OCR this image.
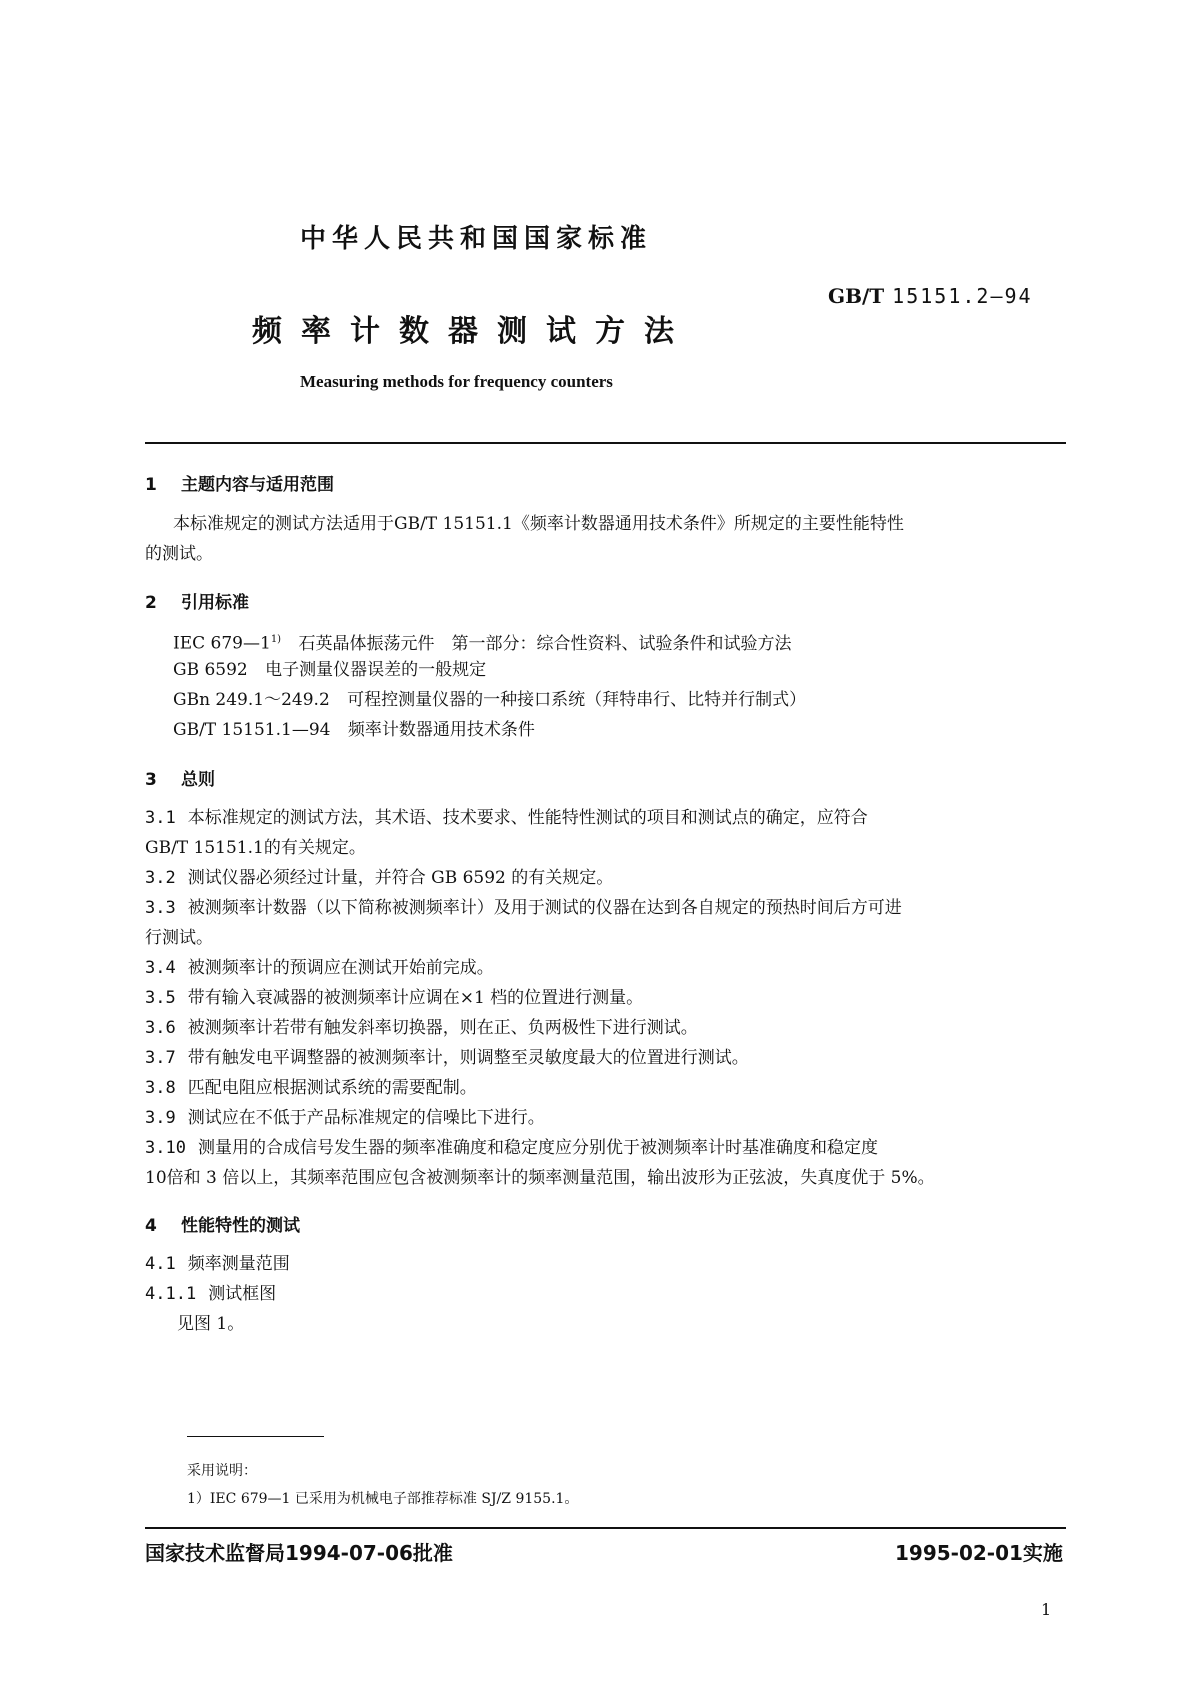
中华人民共和国国家标准
GB/T 15151.2—94
频率计数器测试方法
Measuring methods for frequency counters
1 主题内容与适用范围
本标准规定的测试方法适用于GB/T 15151.1《频率计数器通用技术条件》所规定的主要性能特性
的测试。
2 引用标准
IEC 679—1$^{1)}$ 石英晶体振荡元件　第一部分：综合性资料、试验条件和试验方法
GB 6592 电子测量仪器误差的一般规定
GBn 249.1～249.2 可程控测量仪器的一种接口系统（拜特串行、比特并行制式）
GB/T 15151.1—94 频率计数器通用技术条件
3 总则
3.1 本标准规定的测试方法，其术语、技术要求、性能特性测试的项目和测试点的确定，应符合
GB/T 15151.1的有关规定。
3.2 测试仪器必须经过计量，并符合 GB 6592 的有关规定。
3.3 被测频率计数器（以下简称被测频率计）及用于测试的仪器在达到各自规定的预热时间后方可进
行测试。
3.4 被测频率计的预调应在测试开始前完成。
3.5 带有输入衰减器的被测频率计应调在×1 档的位置进行测量。
3.6 被测频率计若带有触发斜率切换器，则在正、负两极性下进行测试。
3.7 带有触发电平调整器的被测频率计，则调整至灵敏度最大的位置进行测试。
3.8 匹配电阻应根据测试系统的需要配制。
3.9 测试应在不低于产品标准规定的信噪比下进行。
3.10 测量用的合成信号发生器的频率准确度和稳定度应分别优于被测频率计时基准确度和稳定度
10倍和 3 倍以上，其频率范围应包含被测频率计的频率测量范围，输出波形为正弦波，失真度优于 5%。
4 性能特性的测试
4.1 频率测量范围
4.1.1 测试框图
见图 1。
采用说明：
1）IEC 679—1 已采用为机械电子部推荐标准 SJ/Z 9155.1。
国家技术监督局1994-07-06批准	1995-02-01实施
1
